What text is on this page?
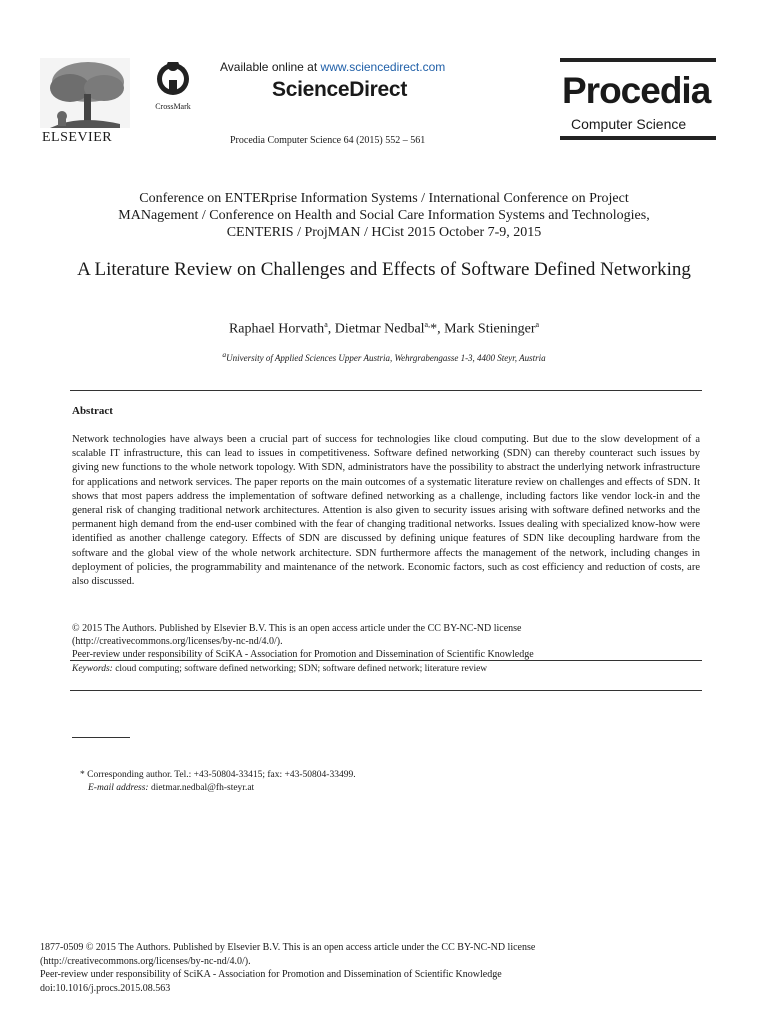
ELSEVIER
CrossMark
Available online at www.sciencedirect.com
ScienceDirect
Procedia Computer Science 64 (2015) 552 – 561
Procedia
Computer Science
Conference on ENTERprise Information Systems / International Conference on Project
MANagement / Conference on Health and Social Care Information Systems and Technologies,
CENTERIS / ProjMAN / HCist 2015 October 7-9, 2015
A Literature Review on Challenges and Effects of Software Defined Networking
Raphael Horvath$^a$, Dietmar Nedbal$^{a,}$*, Mark Stieninger$^a$
$^a$University of Applied Sciences Upper Austria, Wehrgrabengasse 1-3, 4400 Steyr, Austria
Abstract
Network technologies have always been a crucial part of success for technologies like cloud computing. But due to the slow development of a scalable IT infrastructure, this can lead to issues in competitiveness. Software defined networking (SDN) can thereby counteract such issues by giving new functions to the whole network topology. With SDN, administrators have the possibility to abstract the underlying network infrastructure for applications and network services. The paper reports on the main outcomes of a systematic literature review on challenges and effects of SDN. It shows that most papers address the implementation of software defined networking as a challenge, including factors like vendor lock-in and the general risk of changing traditional network architectures. Attention is also given to security issues arising with software defined networks and the permanent high demand from the end-user combined with the fear of changing traditional networks. Issues dealing with specialized know-how were identified as another challenge category. Effects of SDN are discussed by defining unique features of SDN like decoupling hardware from the software and the global view of the whole network architecture. SDN furthermore affects the management of the network, including changes in deployment of policies, the programmability and maintenance of the network. Economic factors, such as cost efficiency and reduction of costs, are also discussed.
© 2015 The Authors. Published by Elsevier B.V. This is an open access article under the CC BY-NC-ND license
(http://creativecommons.org/licenses/by-nc-nd/4.0/).
Peer-review under responsibility of SciKA - Association for Promotion and Dissemination of Scientific Knowledge
Keywords: cloud computing; software defined networking; SDN; software defined network; literature review
* Corresponding author. Tel.: +43-50804-33415; fax: +43-50804-33499.
E-mail address: dietmar.nedbal@fh-steyr.at
1877-0509 © 2015 The Authors. Published by Elsevier B.V. This is an open access article under the CC BY-NC-ND license
(http://creativecommons.org/licenses/by-nc-nd/4.0/).
Peer-review under responsibility of SciKA - Association for Promotion and Dissemination of Scientific Knowledge
doi:10.1016/j.procs.2015.08.563
